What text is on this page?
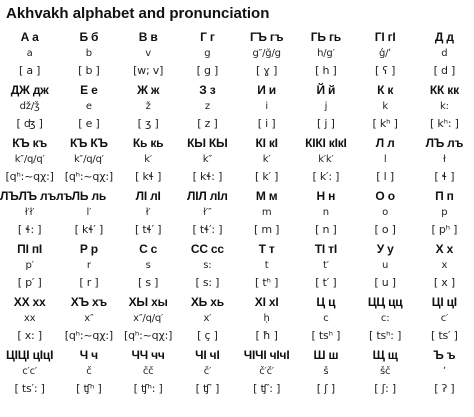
Akhvakh alphabet and pronunciation
А а	Б б	В в	Г г	ГЪ гъ	ГЬ гь	ГI гI	Д д
a	b	v	g	g″/ğ/g	h/g′	ǵ/ʿ	d
[ a ]	[ b ]	[w; v]	[ g ]	[ ɣ ]	[ h ]	[ ʕ ]	[ d ]
ДЖ дж	Е е	Ж ж	З з	И и	Й й	К к	КК кк
dž/ǯ	e	ž	z	i	j	k	k:
[ ʤ ]	[ e ]	[ ʒ ]	[ z ]	[ i ]	[ j ]	[ kʰ ]	[ kʰ: ]
КЪ къ	КЪ КЪ	Кь кь	КЫ КЫ	КI кI	КIКI кIкI	Л л	ЛЪ лъ
k″/q/q′	k″/q/q′	k′	k″	k′	k′k′	l	ł
[qʰ:~qχ:]	[qʰ:~qχ:]	[ kɬ ]	[ kɬ: ]	[ k′ ]	[ k′: ]	[ l ]	[ ɬ ]
ЛЪЛЪ лълъ ЛЬ ль	ЛI лI	ЛIЛ лIл	М м	Н н	О о	П п
ł′ł′	l′	ł′	ł′″	m	n	o	p
[ ɬ: ]	[ kɬ′ ]	[ tɬ′ ]	[ tɬ′: ]	[ m ]	[ n ]	[ o ]	[ pʰ ]
ПI пI	Р р	С с	СС сс	Т т	ТI тI	У у	Х х
p′	r	s	s:	t	t′	u	x
[ p′ ]	[ r ]	[ s ]	[ s: ]	[ tʰ ]	[ t′ ]	[ u ]	[ x ]
ХХ хх	ХЪ хъ	ХЫ хы	ХЬ хь	ХI хI	Ц ц	ЦЦ цц	ЦI цI
xx	x″	x″/q/q′	x′	ḥ	c	c:	c′
[ x: ]	[qʰ:~qχ:]	[qʰ:~qχ:]	[ ç ]	[ ħ ]	[ tsʰ ]	[ tsʰ: ]	[ ts′ ]
ЦIЦI цIцI	Ч ч	ЧЧ чч	ЧI чI	ЧIЧI чIчI	Ш ш	Щ щ	Ъ ъ
c′c′	č	čč	č′	č′č′	š	šč	ʼ
[ ts′: ]	[ ʧʰ ]	[ ʧʰ: ]	[ ʧ′ ]	[ ʧ′: ]	[ ʃ ]	[ ʃ: ]	[ ʔ ]
